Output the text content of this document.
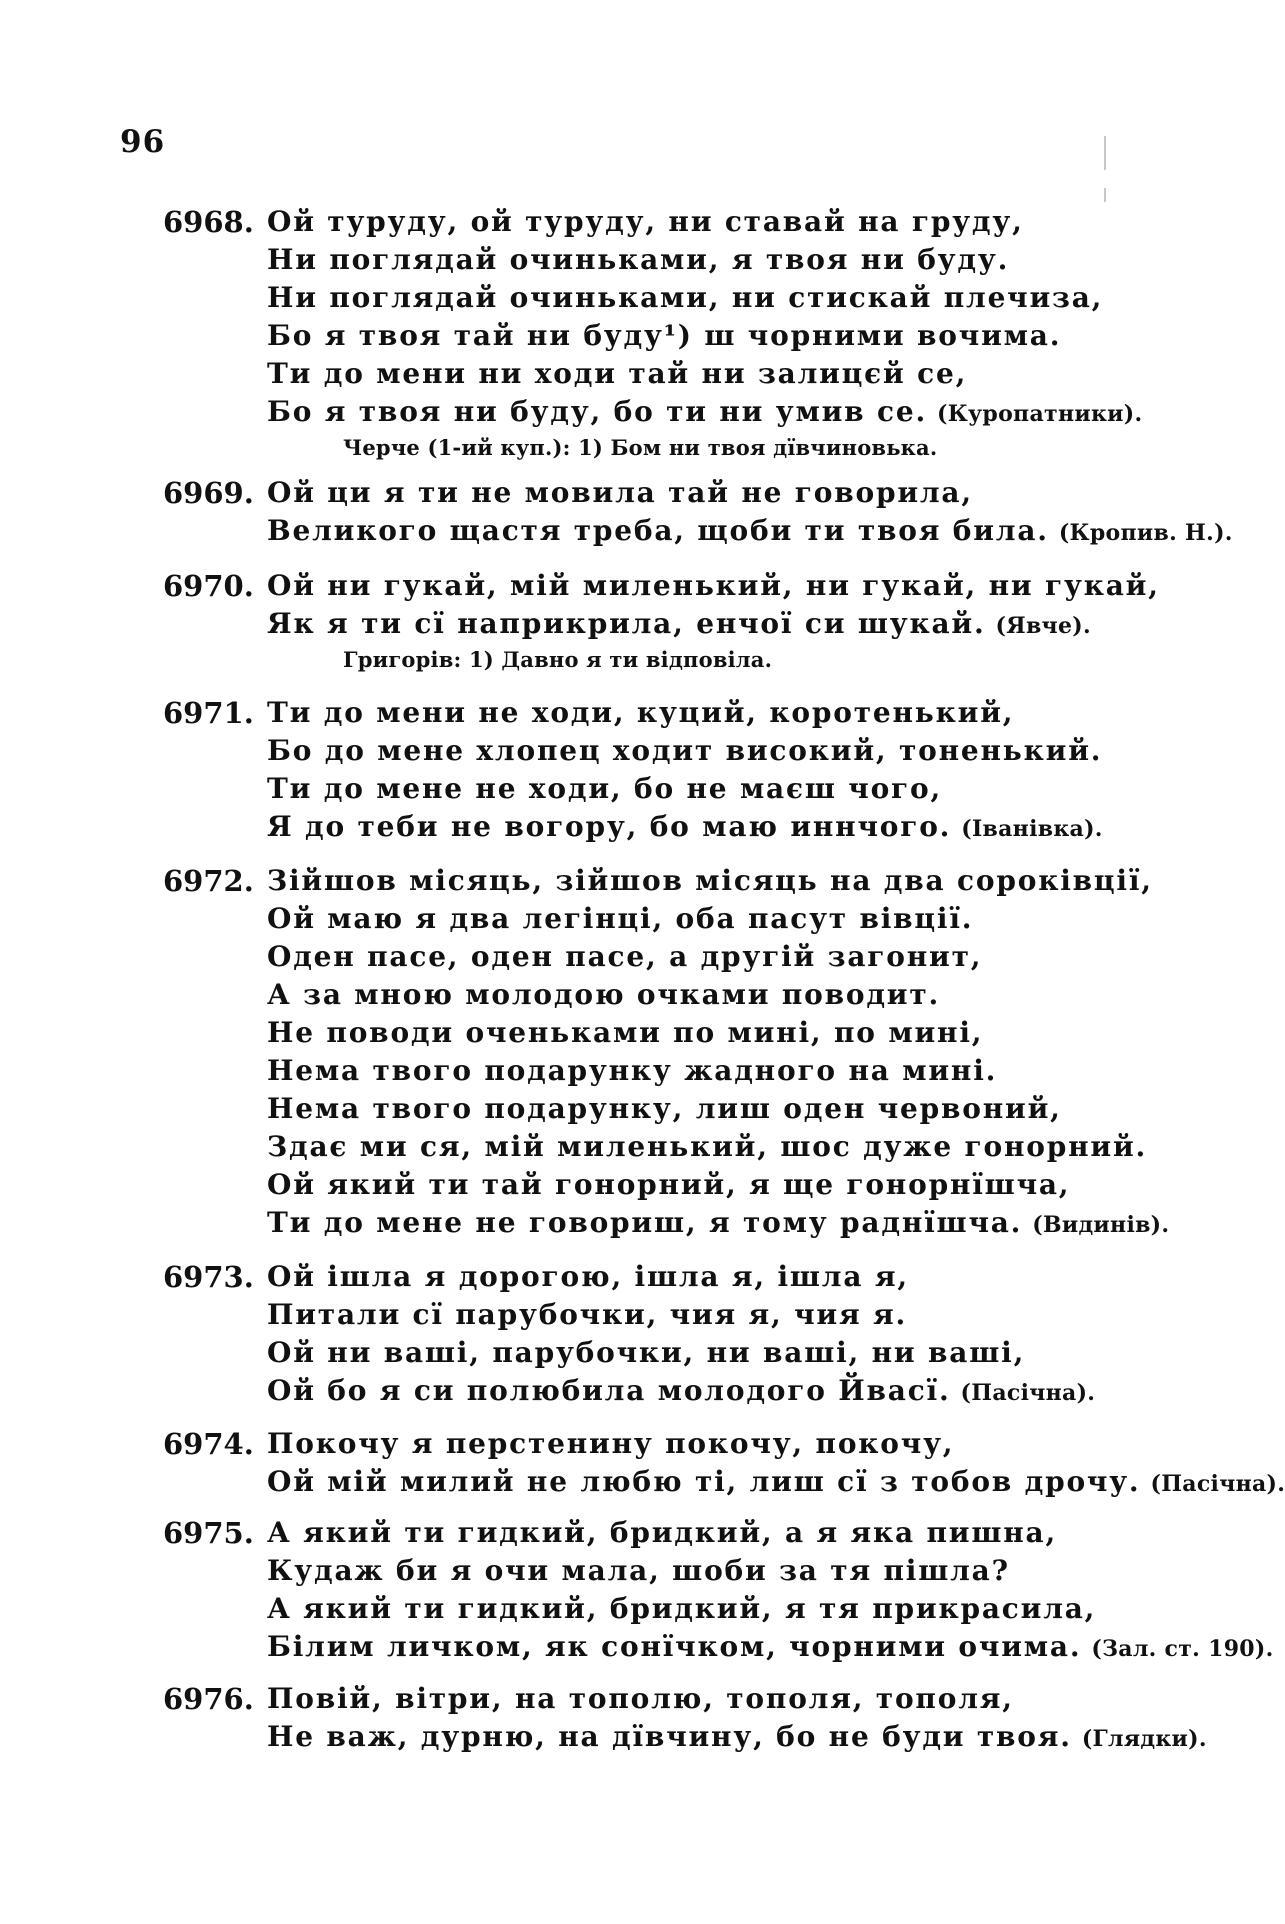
96
6968. Ой туруду, ой туруду, ни ставай на груду,
Ни поглядай очиньками, я твоя ни буду.
Ни поглядай очиньками, ни стискай плечиза,
Бо я твоя тай ни буду¹) ш чорними вочима.
Ти до мени ни ходи тай ни залицєй се,
Бо я твоя ни буду, бо ти ни умив се. (Куропатники).
Черче (1-ий куп.): 1) Бом ни твоя дївчиновька.
6969. Ой ци я ти не мовила тай не говорила,
Великого щастя треба, щоби ти твоя била. (Кропив. Н.).
6970. Ой ни гукай, мій миленький, ни гукай, ни гукай,
Як я ти сї наприкрила, енчої си шукай. (Явче).
Григорів: 1) Давно я ти відповіла.
6971. Ти до мени не ходи, куций, коротенький,
Бо до мене хлопец ходит високий, тоненький.
Ти до мене не ходи, бо не маєш чого,
Я до теби не вогору, бо маю иннчого. (Іванівка).
6972. Зійшов місяць, зійшов місяць на два сороківції,
Ой маю я два легінці, оба пасут вівції.
Оден пасе, оден пасе, а другій загонит,
А за мною молодою очками поводит.
Не поводи оченьками по мині, по мині,
Нема твого подарунку жадного на мині.
Нема твого подарунку, лиш оден червоний,
Здає ми ся, мій миленький, шос дуже гонорний.
Ой який ти тай гонорний, я ще гонорнїшча,
Ти до мене не говориш, я тому раднїшча. (Видинів).
6973. Ой ішла я дорогою, ішла я, ішла я,
Питали сї парубочки, чия я, чия я.
Ой ни ваші, парубочки, ни ваші, ни ваші,
Ой бо я си полюбила молодого Йвасї. (Пасічна).
6974. Покочу я перстенину покочу, покочу,
Ой мій милий не любю ті, лиш сї з тобов дрочу. (Пасічна).
6975. А який ти гидкий, бридкий, а я яка пишна,
Кудаж би я очи мала, шоби за тя пішла?
А який ти гидкий, бридкий, я тя прикрасила,
Білим личком, як сонїчком, чорними очима. (Зал. ст. 190).
6976. Повій, вітри, на тополю, тополя, тополя,
Не важ, дурню, на дївчину, бо не буди твоя. (Глядки).
